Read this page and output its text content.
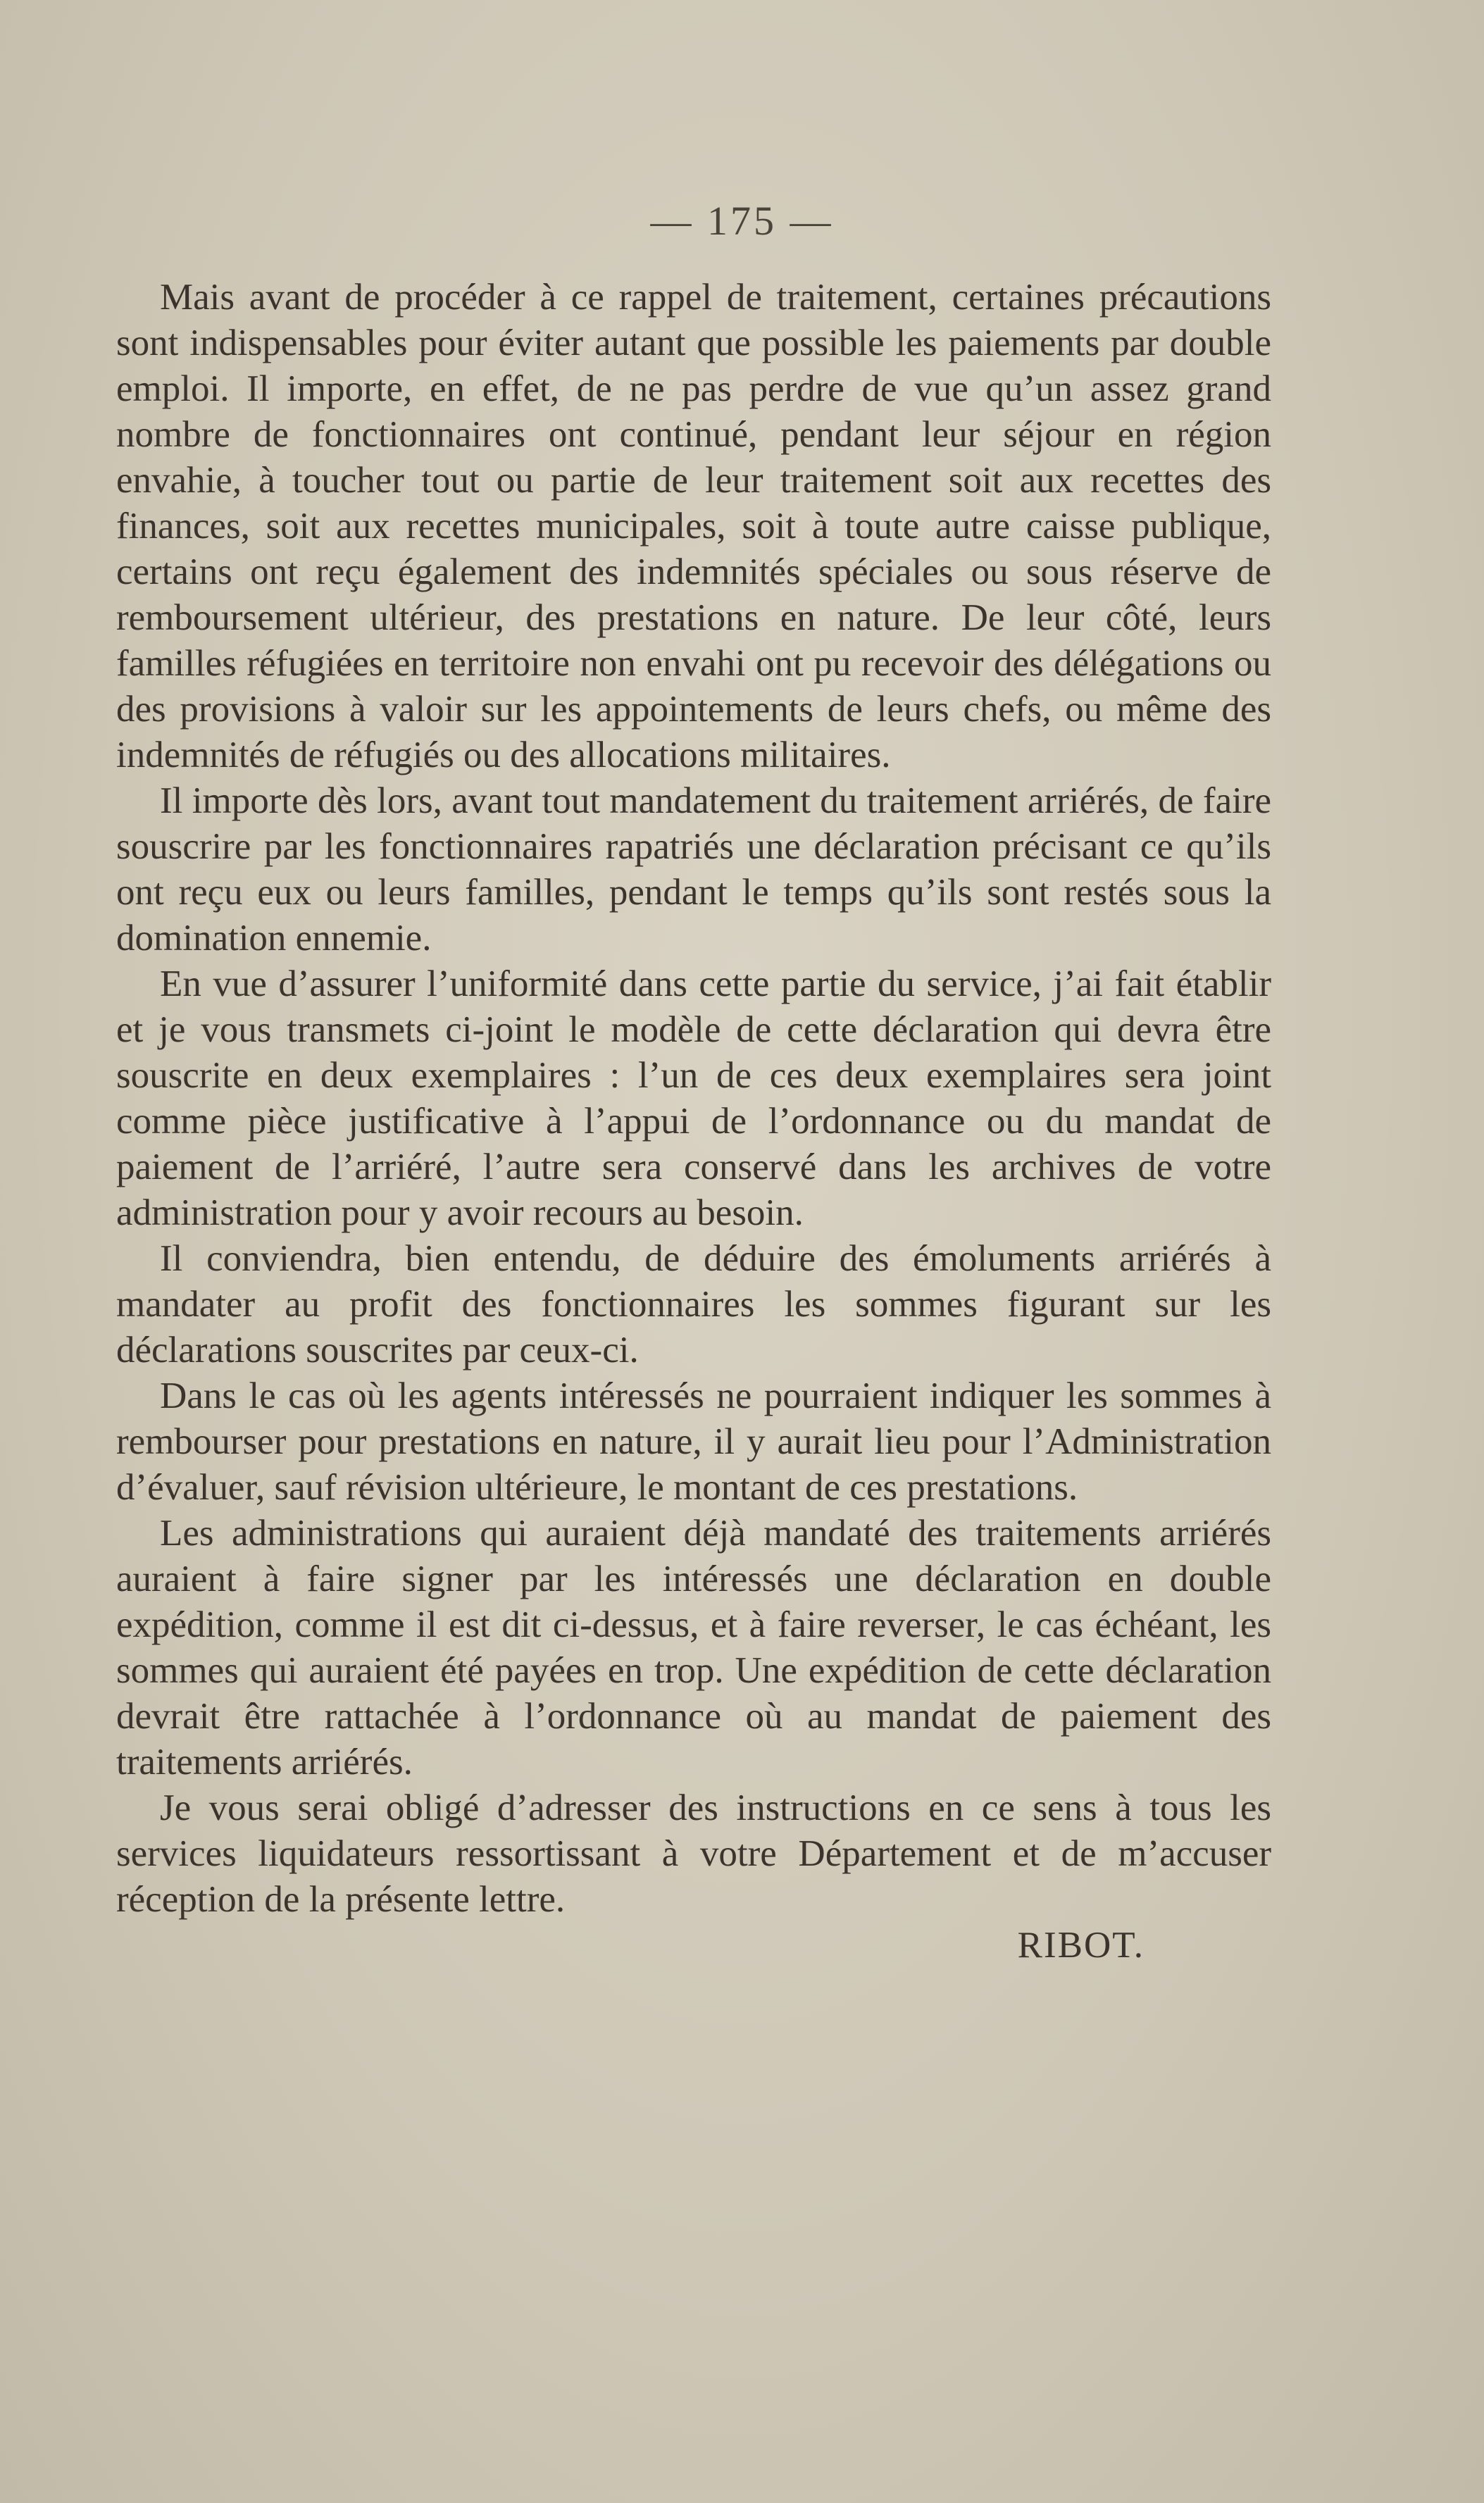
— 175 —

Mais avant de procéder à ce rappel de traitement, certaines précautions sont indispensables pour éviter autant que possible les paiements par double emploi. Il importe, en effet, de ne pas perdre de vue qu’un assez grand nombre de fonctionnaires ont continué, pendant leur séjour en région envahie, à toucher tout ou partie de leur traitement soit aux recettes des finances, soit aux recettes municipales, soit à toute autre caisse publique, certains ont reçu également des indemnités spéciales ou sous réserve de remboursement ultérieur, des prestations en nature. De leur côté, leurs familles réfugiées en territoire non envahi ont pu recevoir des délégations ou des provisions à valoir sur les appointements de leurs chefs, ou même des indemnités de réfugiés ou des allocations militaires.

Il importe dès lors, avant tout mandatement du traitement arriérés, de faire souscrire par les fonctionnaires rapatriés une déclaration précisant ce qu’ils ont reçu eux ou leurs familles, pendant le temps qu’ils sont restés sous la domination ennemie.

En vue d’assurer l’uniformité dans cette partie du service, j’ai fait établir et je vous transmets ci-joint le modèle de cette déclaration qui devra être souscrite en deux exemplaires : l’un de ces deux exemplaires sera joint comme pièce justificative à l’appui de l’ordonnance ou du mandat de paiement de l’arriéré, l’autre sera conservé dans les archives de votre administration pour y avoir recours au besoin.

Il conviendra, bien entendu, de déduire des émoluments arriérés à mandater au profit des fonctionnaires les sommes figurant sur les déclarations souscrites par ceux-ci.

Dans le cas où les agents intéressés ne pourraient indiquer les sommes à rembourser pour prestations en nature, il y aurait lieu pour l’Administration d’évaluer, sauf révision ultérieure, le montant de ces prestations.

Les administrations qui auraient déjà mandaté des traitements arriérés auraient à faire signer par les intéressés une déclaration en double expédition, comme il est dit ci-dessus, et à faire reverser, le cas échéant, les sommes qui auraient été payées en trop. Une expédition de cette déclaration devrait être rattachée à l’ordonnance où au mandat de paiement des traitements arriérés.

Je vous serai obligé d’adresser des instructions en ce sens à tous les services liquidateurs ressortissant à votre Département et de m’accuser réception de la présente lettre.

RIBOT.
